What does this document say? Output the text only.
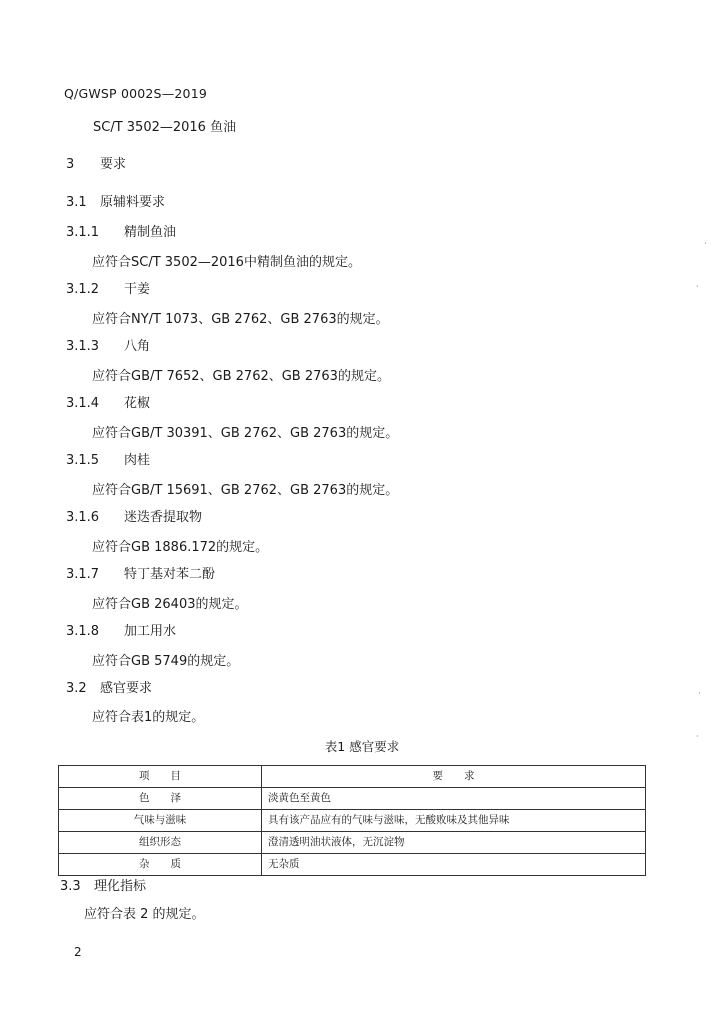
Q/GWSP 0002S—2019
SC/T 3502—2016 鱼油
3 要求
3.1 原辅料要求
3.1.1 精制鱼油
应符合SC/T 3502—2016中精制鱼油的规定。
3.1.2 干姜
应符合NY/T 1073、GB 2762、GB 2763的规定。
3.1.3 八角
应符合GB/T 7652、GB 2762、GB 2763的规定。
3.1.4 花椒
应符合GB/T 30391、GB 2762、GB 2763的规定。
3.1.5 肉桂
应符合GB/T 15691、GB 2762、GB 2763的规定。
3.1.6 迷迭香提取物
应符合GB 1886.172的规定。
3.1.7 特丁基对苯二酚
应符合GB 26403的规定。
3.1.8 加工用水
应符合GB 5749的规定。
3.2 感官要求
应符合表1的规定。
表1 感官要求
项　　目	要　　求
色　　泽	淡黄色至黄色
气味与滋味	具有该产品应有的气味与滋味，无酸败味及其他异味
组织形态	澄清透明油状液体，无沉淀物
杂　　质	无杂质
3.3 理化指标
应符合表 2 的规定。
2
·
·
·
·
